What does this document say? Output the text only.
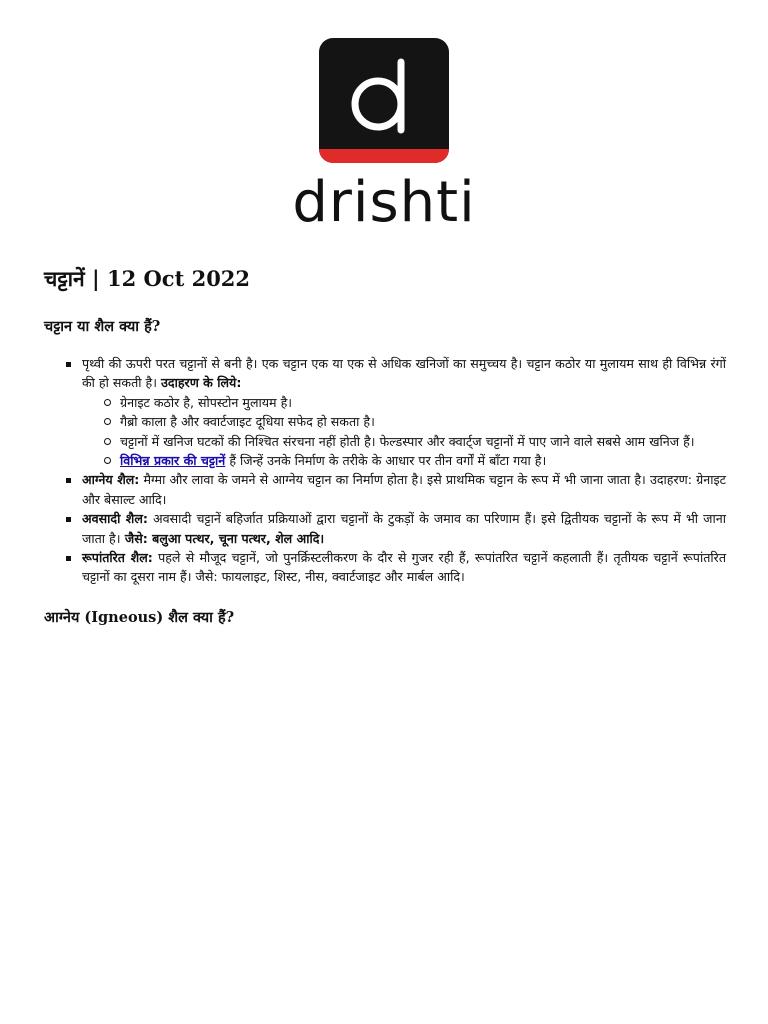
drishti
चट्टानें | 12 Oct 2022
चट्टान या शैल क्या हैं?
पृथ्वी की ऊपरी परत चट्टानों से बनी है। एक चट्टान एक या एक से अधिक खनिजों का समुच्चय है। चट्टान कठोर या मुलायम साथ ही विभिन्न रंगों की हो सकती है। उदाहरण के लिये:
ग्रेनाइट कठोर है, सोपस्टोन मुलायम है।
गैब्रो काला है और क्वार्टजाइट दूधिया सफेद हो सकता है।
चट्टानों में खनिज घटकों की निश्चित संरचना नहीं होती है। फेल्डस्पार और क्वार्ट्ज चट्टानों में पाए जाने वाले सबसे आम खनिज हैं।
विभिन्न प्रकार की चट्टानें हैं जिन्हें उनके निर्माण के तरीके के आधार पर तीन वर्गों में बाँटा गया है।
आग्नेय शैल: मैग्मा और लावा के जमने से आग्नेय चट्टान का निर्माण होता है। इसे प्राथमिक चट्टान के रूप में भी जाना जाता है। उदाहरण: ग्रेनाइट और बेसाल्ट आदि।
अवसादी शैल: अवसादी चट्टानें बहिर्जात प्रक्रियाओं द्वारा चट्टानों के टुकड़ों के जमाव का परिणाम हैं। इसे द्वितीयक चट्टानों के रूप में भी जाना जाता है। जैसे: बलुआ पत्थर, चूना पत्थर, शेल आदि।
रूपांतरित शैल: पहले से मौजूद चट्टानें, जो पुनर्क्रिस्टलीकरण के दौर से गुजर रही हैं, रूपांतरित चट्टानें कहलाती हैं। तृतीयक चट्टानें रूपांतरित चट्टानों का दूसरा नाम हैं। जैसे: फायलाइट, शिस्ट, नीस, क्वार्टजाइट और मार्बल आदि।
आग्नेय (Igneous) शैल क्या हैं?
